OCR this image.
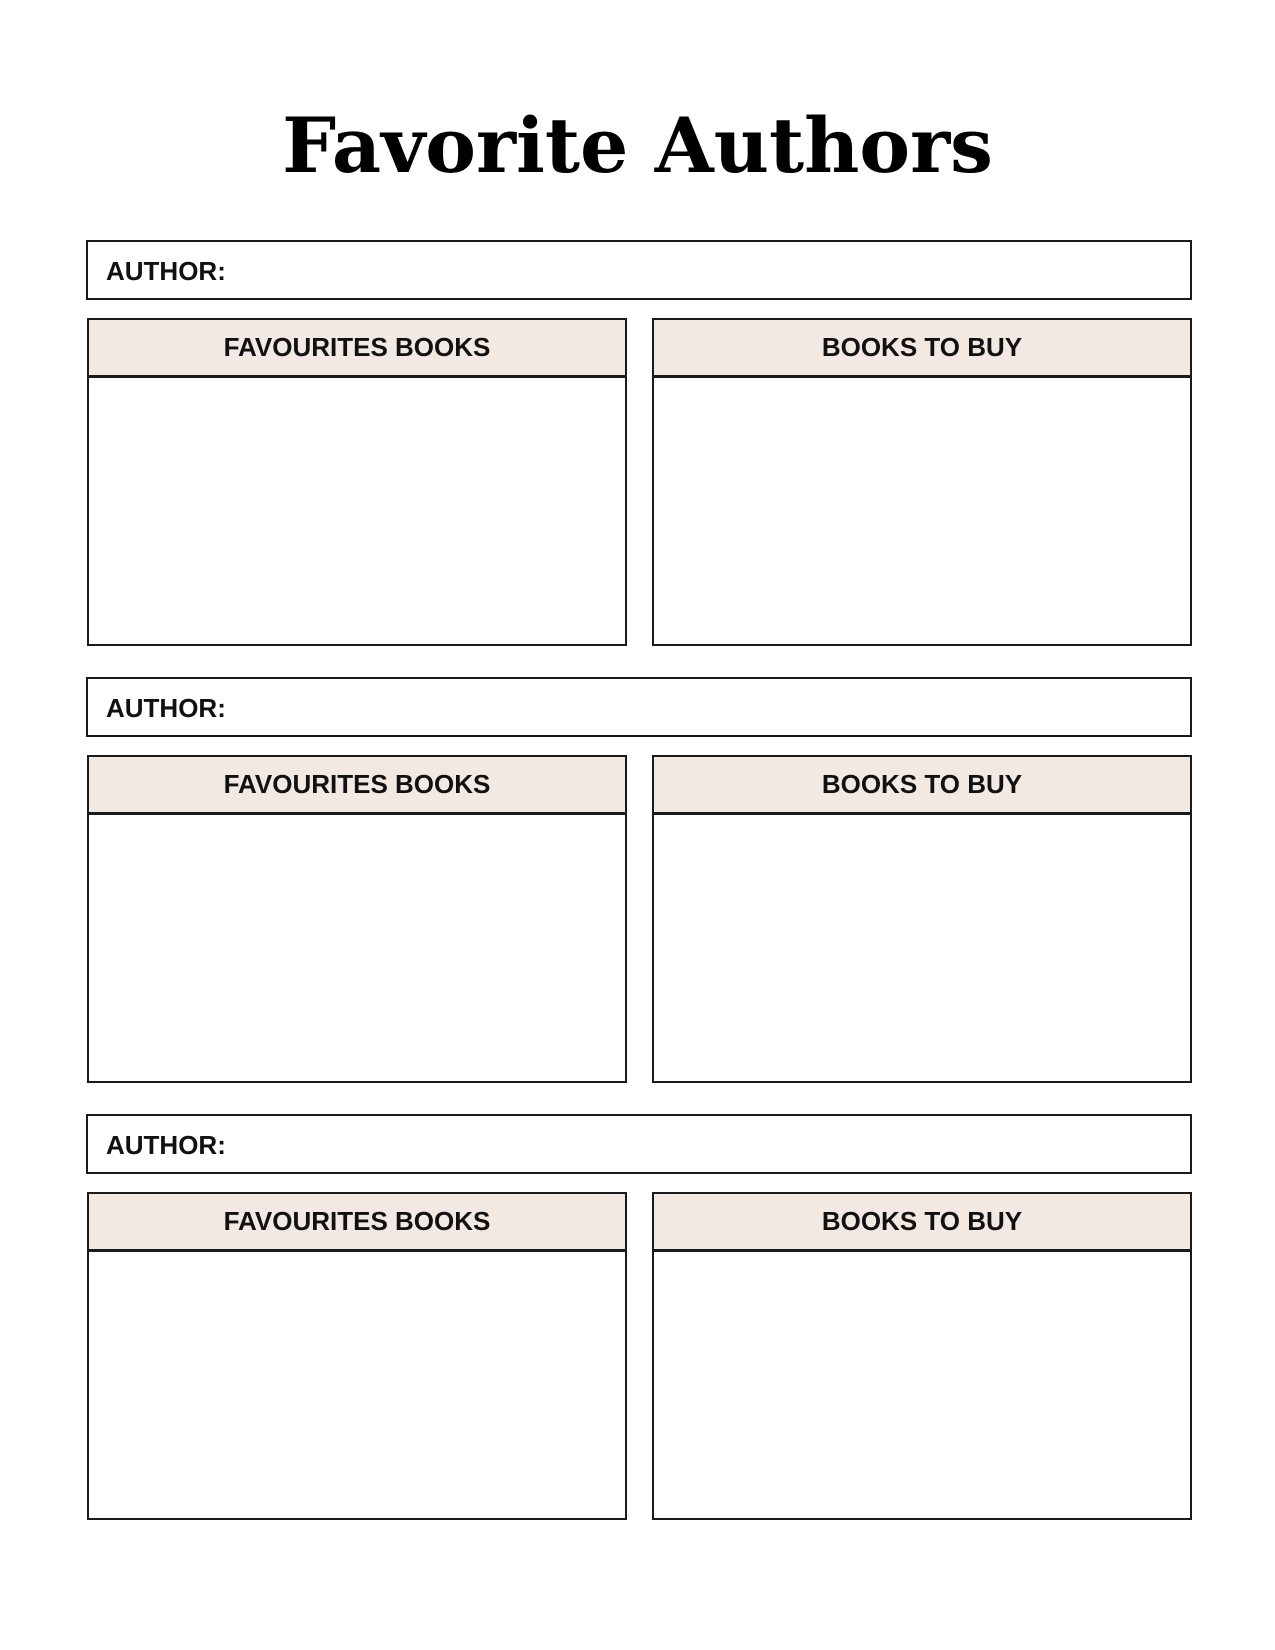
Favorite Authors
AUTHOR:
FAVOURITES BOOKS	BOOKS TO BUY
AUTHOR:
FAVOURITES BOOKS	BOOKS TO BUY
AUTHOR:
FAVOURITES BOOKS	BOOKS TO BUY
